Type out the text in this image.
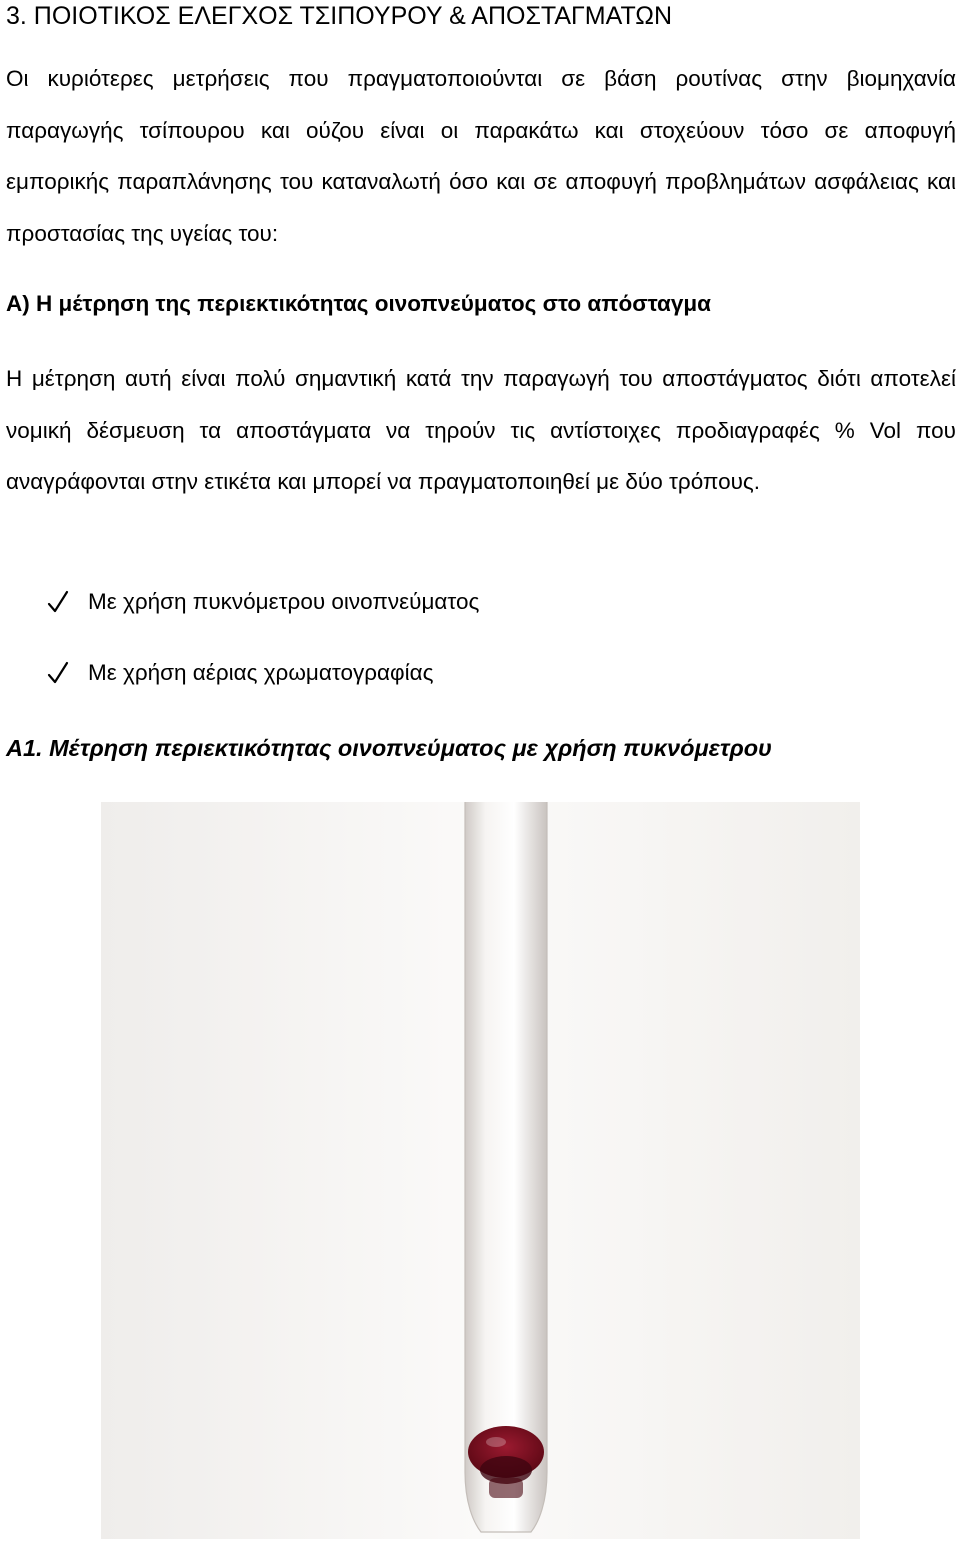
3. ΠΟΙΟΤΙΚΟΣ ΕΛΕΓΧΟΣ ΤΣΙΠΟΥΡΟΥ & ΑΠΟΣΤΑΓΜΑΤΩΝ

Οι κυριότερες μετρήσεις που πραγματοποιούνται σε βάση ρουτίνας στην βιομηχανία παραγωγής τσίπουρου και ούζου είναι οι παρακάτω και στοχεύουν τόσο σε αποφυγή εμπορικής παραπλάνησης του καταναλωτή όσο και σε αποφυγή προβλημάτων ασφάλειας και προστασίας της υγείας του:

Α) Η μέτρηση της περιεκτικότητας οινοπνεύματος στο απόσταγμα

Η μέτρηση αυτή είναι πολύ σημαντική κατά την παραγωγή του αποστάγματος διότι αποτελεί νομική δέσμευση τα αποστάγματα να τηρούν τις αντίστοιχες προδιαγραφές % Vol που αναγράφονται στην ετικέτα και μπορεί να πραγματοποιηθεί με δύο τρόπους.

Με χρήση πυκνόμετρου οινοπνεύματος
Με χρήση αέριας χρωματογραφίας
Α1. Μέτρηση περιεκτικότητας οινοπνεύματος με χρήση πυκνόμετρου
